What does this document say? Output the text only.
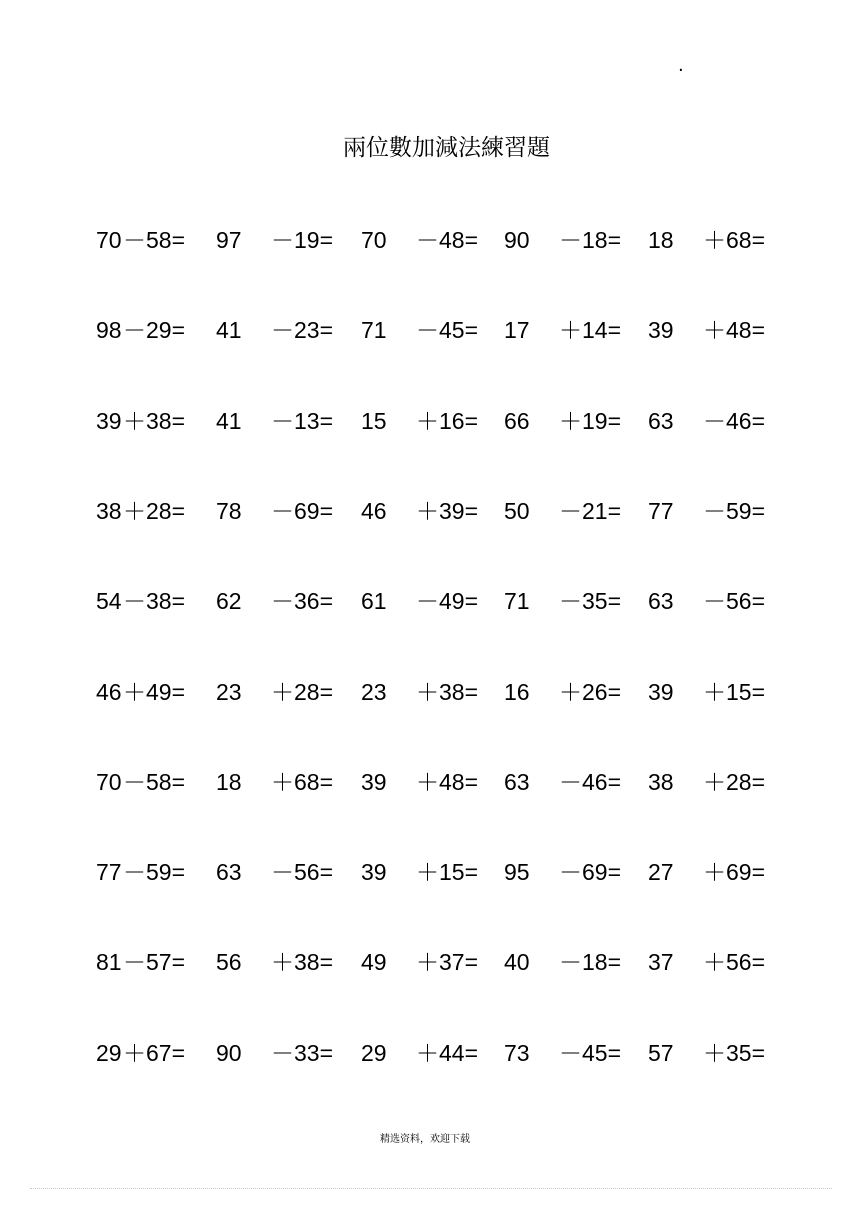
.
兩位數加減法練習題
70 －58= 97 －19= 70 －48= 90 －18= 18 ＋68=
98 －29= 41 －23= 71 －45= 17 ＋14= 39 ＋48=
39 ＋38= 41 －13= 15 ＋16= 66 ＋19= 63 －46=
38 ＋28= 78 －69= 46 ＋39= 50 －21= 77 －59=
54 －38= 62 －36= 61 －49= 71 －35= 63 －56=
46 ＋49= 23 ＋28= 23 ＋38= 16 ＋26= 39 ＋15=
70 －58= 18 ＋68= 39 ＋48= 63 －46= 38 ＋28=
77 －59= 63 －56= 39 ＋15= 95 －69= 27 ＋69=
81 －57= 56 ＋38= 49 ＋37= 40 －18= 37 ＋56=
29 ＋67= 90 －33= 29 ＋44= 73 －45= 57 ＋35=
精选资料，欢迎下载
